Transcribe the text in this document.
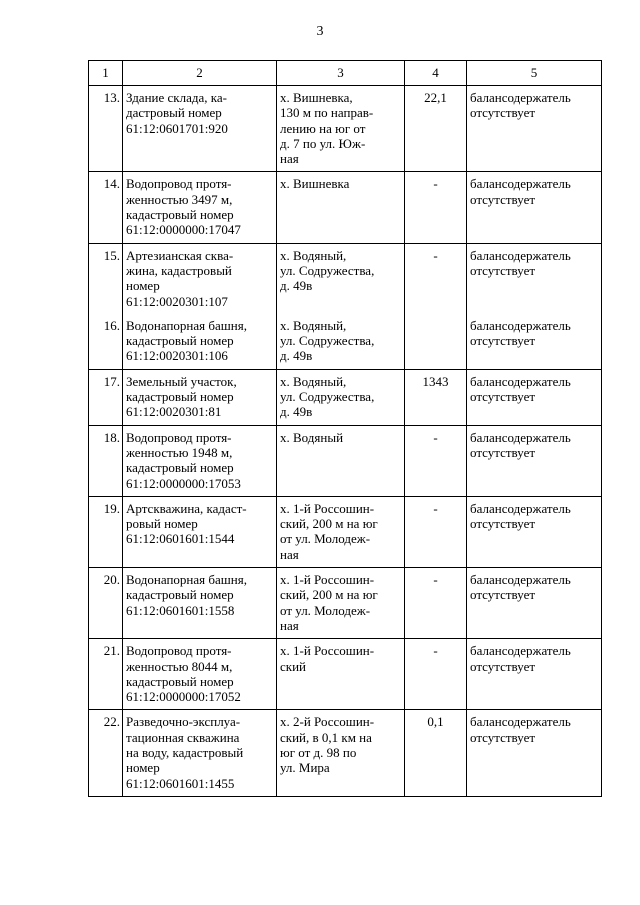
3
1	2	3	4	5
13.	Здание склада, ка-
дастровый номер
61:12:0601701:920	х. Вишневка,
130 м по направ-
лению на юг от
д. 7 по ул. Юж-
ная	22,1	балансодержатель
отсутствует

14.	Водопровод протя-
женностью 3497 м,
кадастровый номер
61:12:0000000:17047	х. Вишневка	-	балансодержатель
отсутствует

15.	Артезианская сква-
жина, кадастровый
номер
61:12:0020301:107	х. Водяный,
ул. Содружества,
д. 49в	-	балансодержатель
отсутствует

16.	Водонапорная башня,
кадастровый номер
61:12:0020301:106	х. Водяный,
ул. Содружества,
д. 49в		балансодержатель
отсутствует

17.	Земельный участок,
кадастровый номер
61:12:0020301:81	х. Водяный,
ул. Содружества,
д. 49в	1343	балансодержатель
отсутствует

18.	Водопровод протя-
женностью 1948 м,
кадастровый номер
61:12:0000000:17053	х. Водяный	-	балансодержатель
отсутствует

19.	Артскважина, кадаст-
ровый номер
61:12:0601601:1544	х. 1-й Россошин-
ский, 200 м на юг
от ул. Молодеж-
ная	-	балансодержатель
отсутствует

20.	Водонапорная башня,
кадастровый номер
61:12:0601601:1558	х. 1-й Россошин-
ский, 200 м на юг
от ул. Молодеж-
ная	-	балансодержатель
отсутствует

21.	Водопровод протя-
женностью 8044 м,
кадастровый номер
61:12:0000000:17052	х. 1-й Россошин-
ский	-	балансодержатель
отсутствует

22.	Разведочно-эксплуа-
тационная скважина
на воду, кадастровый
номер
61:12:0601601:1455	х. 2-й Россошин-
ский, в 0,1 км на
юг от д. 98 по
ул. Мира	0,1	балансодержатель
отсутствует
